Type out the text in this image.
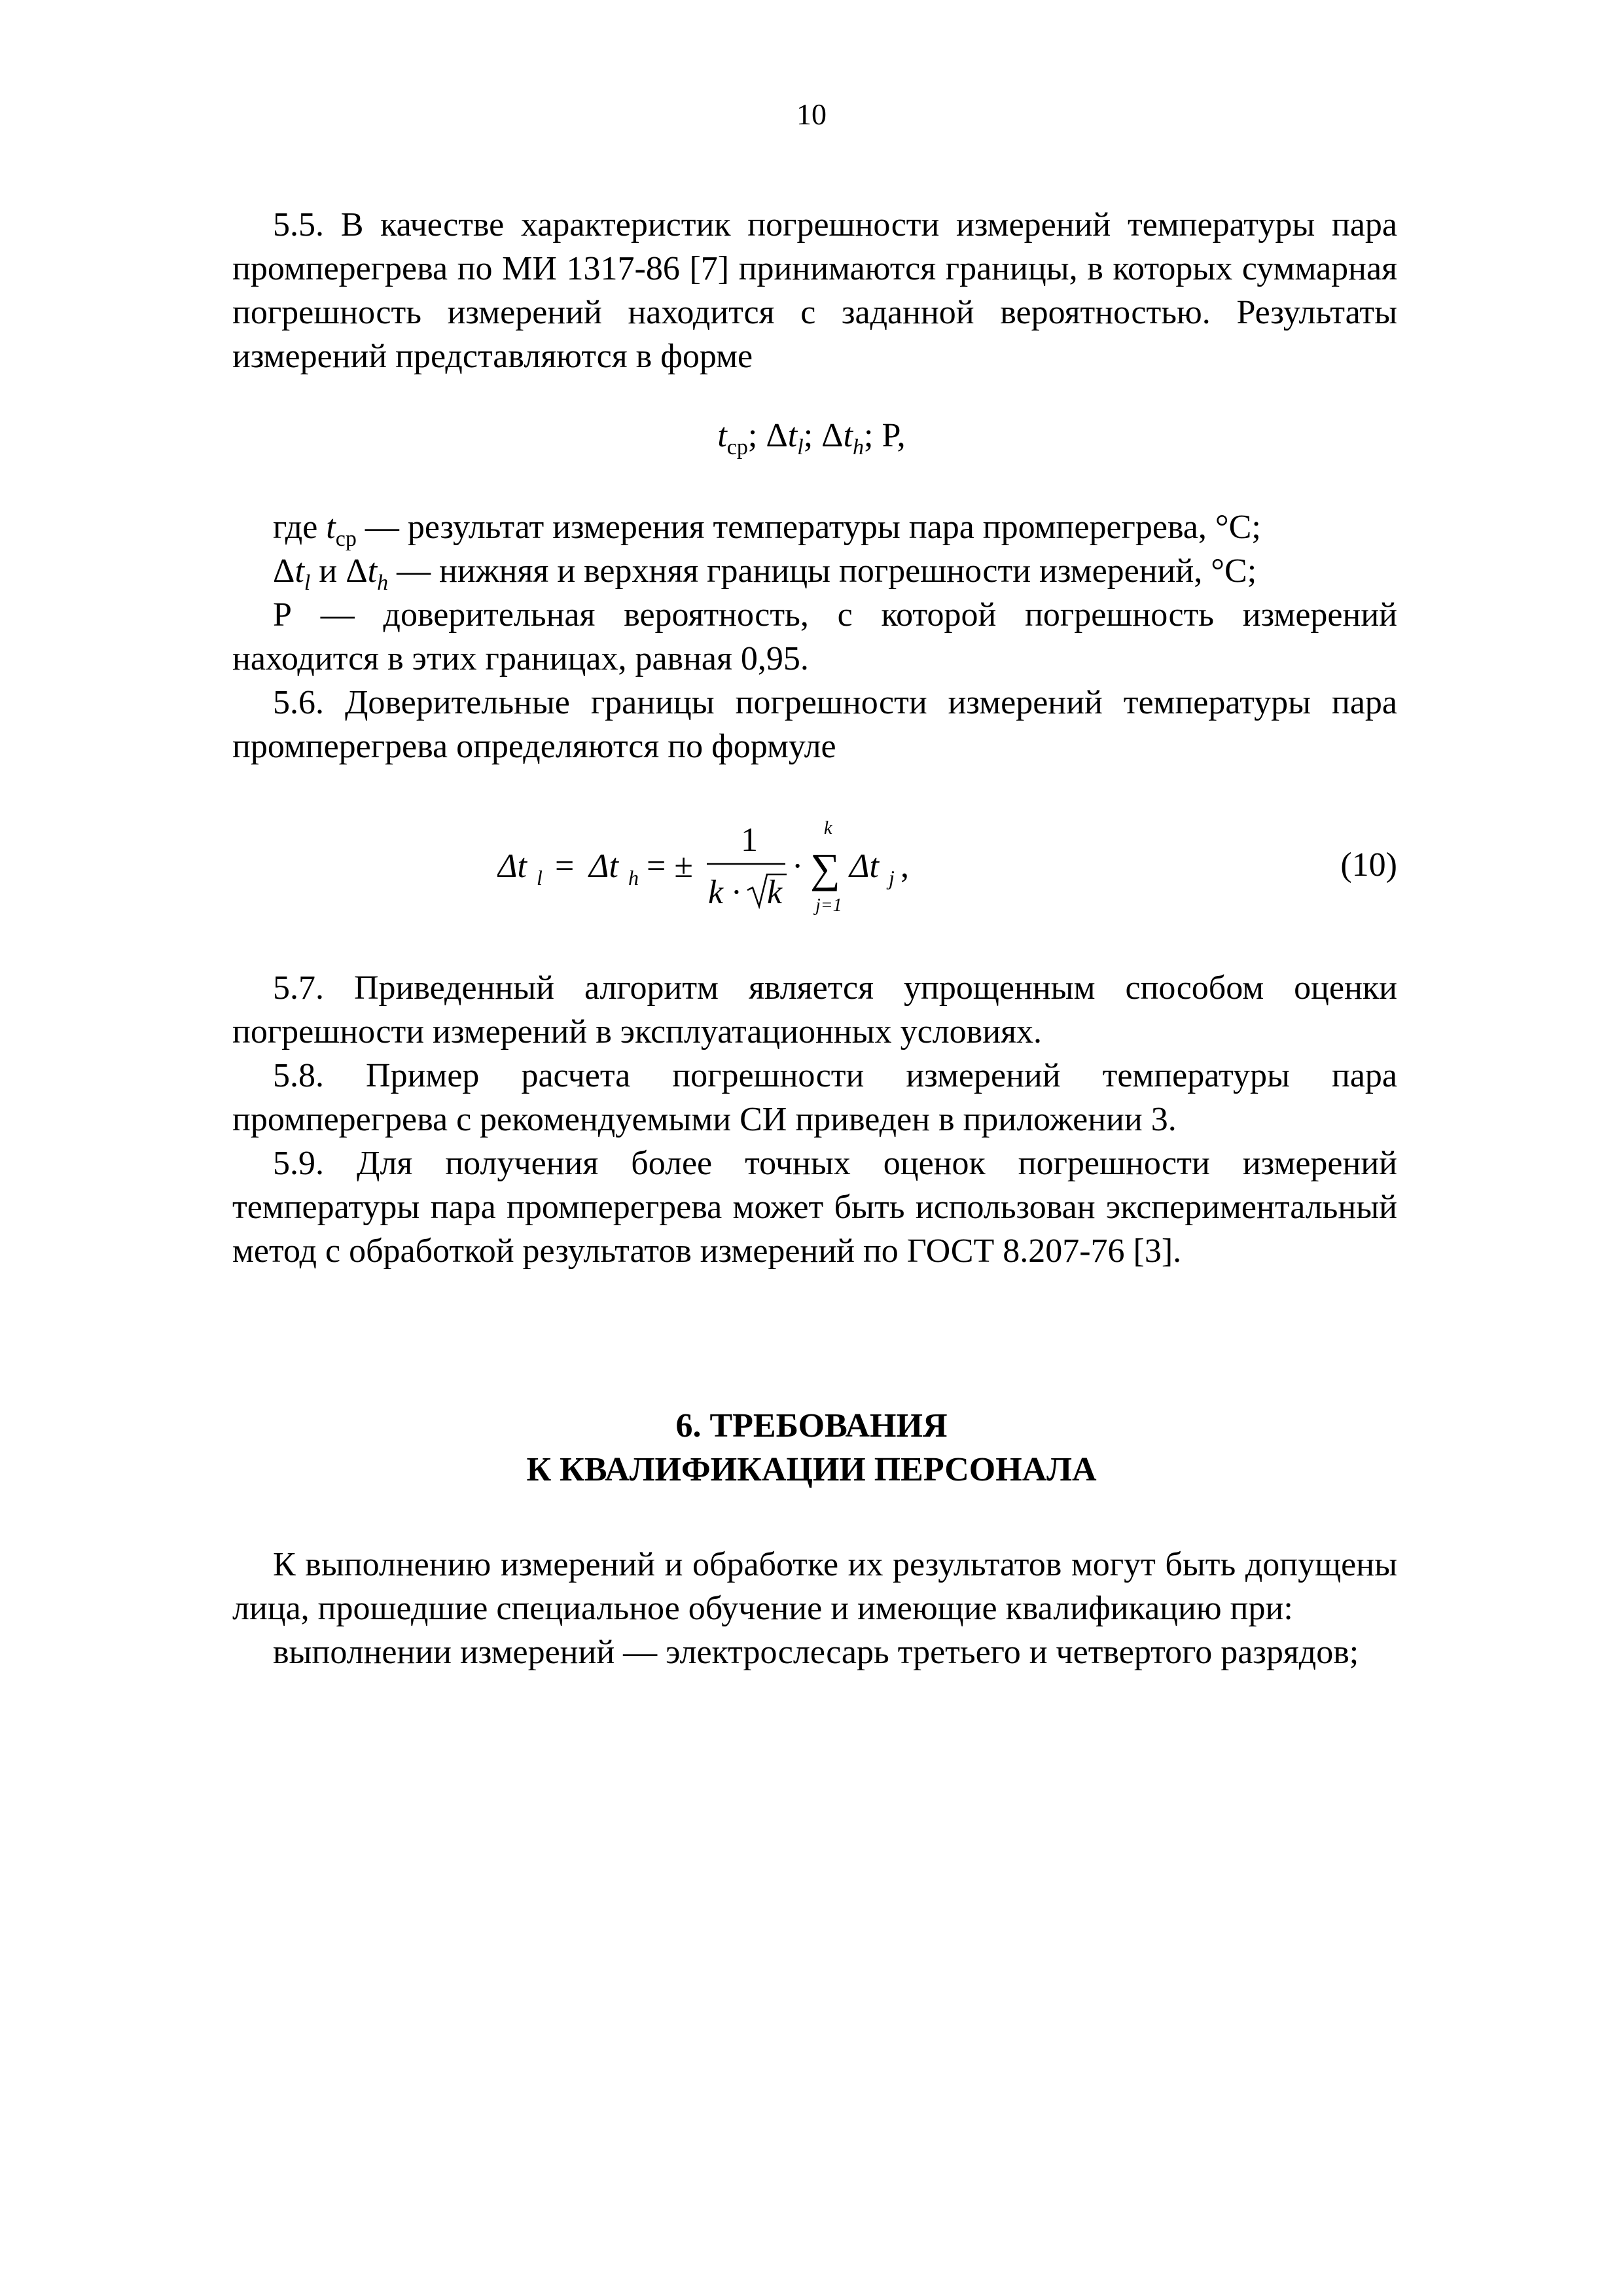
10

5.5. В качестве характеристик погрешности измерений температуры пара промперегрева по МИ 1317-86 [7] принимаются границы, в которых суммарная погрешность измерений находится с заданной вероятностью. Результаты измерений представляются в форме

$t_{ср}$; $\Delta t_l$; $\Delta t_h$; P,

где $t_{ср}$ — результат измерения температуры пара промперегрева, °С;

$\Delta t_l$ и $\Delta t_h$ — нижняя и верхняя границы погрешности измерений, °С;

Р — доверительная вероятность, с которой погрешность измерений находится в этих границах, равная 0,95.

5.6. Доверительные границы погрешности измерений температуры пара промперегрева определяются по формуле

Δt l = Δt h = ±
1
k · k
·
k
∑
j=1
Δt j ,	(10)

5.7. Приведенный алгоритм является упрощенным способом оценки погрешности измерений в эксплуатационных условиях.

5.8. Пример расчета погрешности измерений температуры пара промперегрева с рекомендуемыми СИ приведен в приложении 3.

5.9. Для получения более точных оценок погрешности измерений температуры пара промперегрева может быть использован экспериментальный метод с обработкой результатов измерений по ГОСТ 8.207-76 [3].

6. ТРЕБОВАНИЯ
К КВАЛИФИКАЦИИ ПЕРСОНАЛА

К выполнению измерений и обработке их результатов могут быть допущены лица, прошедшие специальное обучение и имеющие квалификацию при:

выполнении измерений — электрослесарь третьего и четвертого разрядов;
